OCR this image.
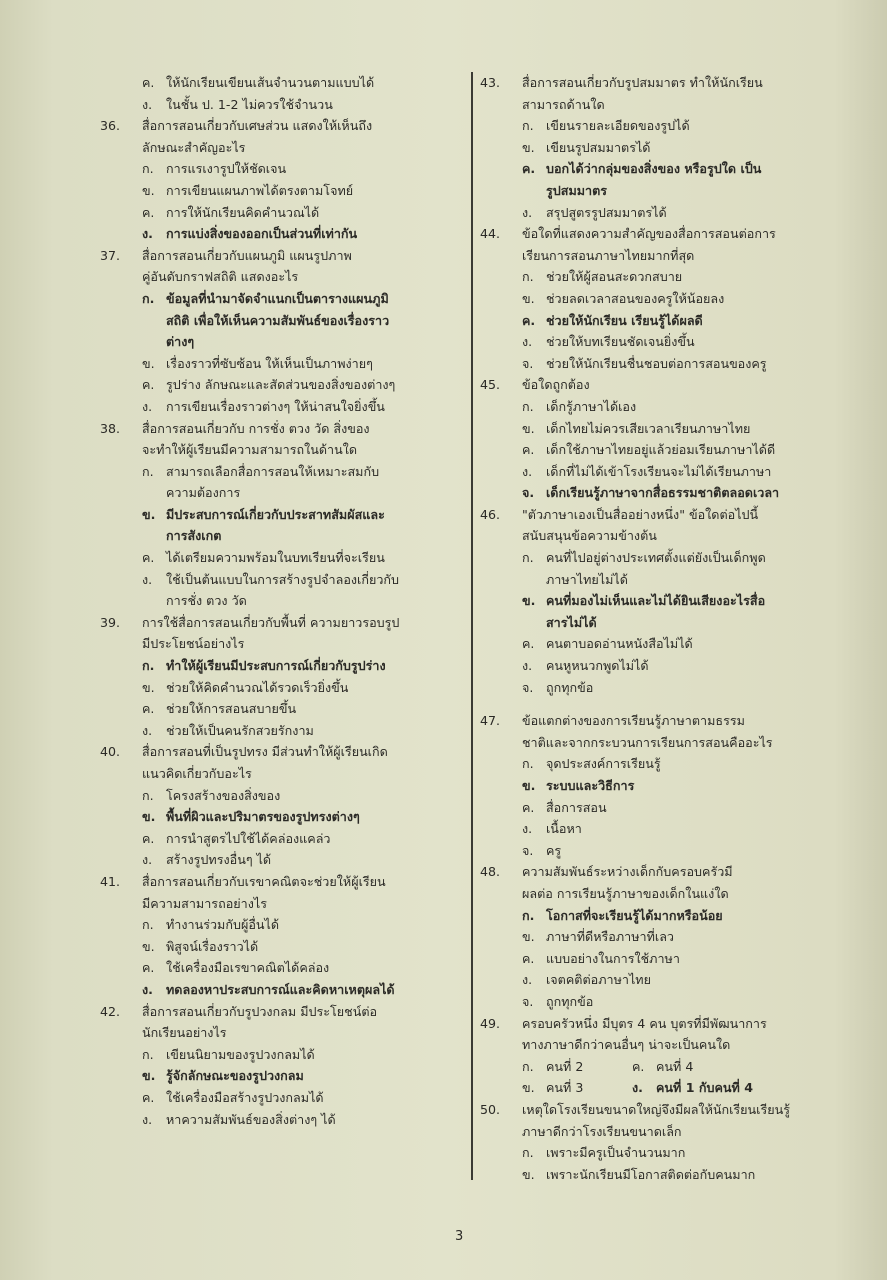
ค. ให้นักเรียนเขียนเส้นจำนวนตามแบบได้
ง. ในชั้น ป. 1-2 ไม่ควรใช้จำนวน
36. สื่อการสอนเกี่ยวกับเศษส่วน แสดงให้เห็นถึง
ลักษณะสำคัญอะไร
ก. การแรเงารูปให้ชัดเจน
ข. การเขียนแผนภาพได้ตรงตามโจทย์
ค. การให้นักเรียนคิดคำนวณได้
ง. การแบ่งสิ่งของออกเป็นส่วนที่เท่ากัน
37. สื่อการสอนเกี่ยวกับแผนภูมิ แผนรูปภาพ
คู่อันดับกราฟสถิติ แสดงอะไร
ก. ข้อมูลที่นำมาจัดจำแนกเป็นตารางแผนภูมิ
สถิติ เพื่อให้เห็นความสัมพันธ์ของเรื่องราว
ต่างๆ
ข. เรื่องราวที่ซับซ้อน ให้เห็นเป็นภาพง่ายๆ
ค. รูปร่าง ลักษณะและสัดส่วนของสิ่งของต่างๆ
ง. การเขียนเรื่องราวต่างๆ ให้น่าสนใจยิ่งขึ้น
38. สื่อการสอนเกี่ยวกับ การชั่ง ตวง วัด สิ่งของ
จะทำให้ผู้เรียนมีความสามารถในด้านใด
ก. สามารถเลือกสื่อการสอนให้เหมาะสมกับ
ความต้องการ
ข. มีประสบการณ์เกี่ยวกับประสาทสัมผัสและ
การสังเกต
ค. ได้เตรียมความพร้อมในบทเรียนที่จะเรียน
ง. ใช้เป็นต้นแบบในการสร้างรูปจำลองเกี่ยวกับ
การชั่ง ตวง วัด
39. การใช้สื่อการสอนเกี่ยวกับพื้นที่ ความยาวรอบรูป
มีประโยชน์อย่างไร
ก. ทำให้ผู้เรียนมีประสบการณ์เกี่ยวกับรูปร่าง
ข. ช่วยให้คิดคำนวณได้รวดเร็วยิ่งขึ้น
ค. ช่วยให้การสอนสบายขึ้น
ง. ช่วยให้เป็นคนรักสวยรักงาม
40. สื่อการสอนที่เป็นรูปทรง มีส่วนทำให้ผู้เรียนเกิด
แนวคิดเกี่ยวกับอะไร
ก. โครงสร้างของสิ่งของ
ข. พื้นที่ผิวและปริมาตรของรูปทรงต่างๆ
ค. การนำสูตรไปใช้ได้คล่องแคล่ว
ง. สร้างรูปทรงอื่นๆ ได้
41. สื่อการสอนเกี่ยวกับเรขาคณิตจะช่วยให้ผู้เรียน
มีความสามารถอย่างไร
ก. ทำงานร่วมกับผู้อื่นได้
ข. พิสูจน์เรื่องราวได้
ค. ใช้เครื่องมือเรขาคณิตได้คล่อง
ง. ทดลองหาประสบการณ์และคิดหาเหตุผลได้
42. สื่อการสอนเกี่ยวกับรูปวงกลม มีประโยชน์ต่อ
นักเรียนอย่างไร
ก. เขียนนิยามของรูปวงกลมได้
ข. รู้จักลักษณะของรูปวงกลม
ค. ใช้เครื่องมือสร้างรูปวงกลมได้
ง. หาความสัมพันธ์ของสิ่งต่างๆ ได้
43. สื่อการสอนเกี่ยวกับรูปสมมาตร ทำให้นักเรียน
สามารถด้านใด
ก. เขียนรายละเอียดของรูปได้
ข. เขียนรูปสมมาตรได้
ค. บอกได้ว่ากลุ่มของสิ่งของ หรือรูปใด เป็น
รูปสมมาตร
ง. สรุปสูตรรูปสมมาตรได้
44. ข้อใดที่แสดงความสำคัญของสื่อการสอนต่อการ
เรียนการสอนภาษาไทยมากที่สุด
ก. ช่วยให้ผู้สอนสะดวกสบาย
ข. ช่วยลดเวลาสอนของครูให้น้อยลง
ค. ช่วยให้นักเรียน เรียนรู้ได้ผลดี
ง. ช่วยให้บทเรียนชัดเจนยิ่งขึ้น
จ. ช่วยให้นักเรียนชื่นชอบต่อการสอนของครู
45. ข้อใดถูกต้อง
ก. เด็กรู้ภาษาได้เอง
ข. เด็กไทยไม่ควรเสียเวลาเรียนภาษาไทย
ค. เด็กใช้ภาษาไทยอยู่แล้วย่อมเรียนภาษาได้ดี
ง. เด็กที่ไม่ได้เข้าโรงเรียนจะไม่ได้เรียนภาษา
จ. เด็กเรียนรู้ภาษาจากสื่อธรรมชาติตลอดเวลา
46. "ตัวภาษาเองเป็นสื่ออย่างหนึ่ง" ข้อใดต่อไปนี้
สนับสนุนข้อความข้างต้น
ก. คนที่ไปอยู่ต่างประเทศตั้งแต่ยังเป็นเด็กพูด
ภาษาไทยไม่ได้
ข. คนที่มองไม่เห็นและไม่ได้ยินเสียงอะไรสื่อ
สารไม่ได้
ค. คนตาบอดอ่านหนังสือไม่ได้
ง. คนหูหนวกพูดไม่ได้
จ. ถูกทุกข้อ
47. ข้อแตกต่างของการเรียนรู้ภาษาตามธรรม
ชาติและจากกระบวนการเรียนการสอนคืออะไร
ก. จุดประสงค์การเรียนรู้
ข. ระบบและวิธีการ
ค. สื่อการสอน
ง. เนื้อหา
จ. ครู
48. ความสัมพันธ์ระหว่างเด็กกับครอบครัวมี
ผลต่อ การเรียนรู้ภาษาของเด็กในแง่ใด
ก. โอกาสที่จะเรียนรู้ได้มากหรือน้อย
ข. ภาษาที่ดีหรือภาษาที่เลว
ค. แบบอย่างในการใช้ภาษา
ง. เจตคติต่อภาษาไทย
จ. ถูกทุกข้อ
49. ครอบครัวหนึ่ง มีบุตร 4 คน บุตรที่มีพัฒนาการ
ทางภาษาดีกว่าคนอื่นๆ น่าจะเป็นคนใด
ก. คนที่ 2	ค. คนที่ 4
ข. คนที่ 3	ง. คนที่ 1 กับคนที่ 4
50. เหตุใดโรงเรียนขนาดใหญ่จึงมีผลให้นักเรียนเรียนรู้
ภาษาดีกว่าโรงเรียนขนาดเล็ก
ก. เพราะมีครูเป็นจำนวนมาก
ข. เพราะนักเรียนมีโอกาสติดต่อกับคนมาก
3
